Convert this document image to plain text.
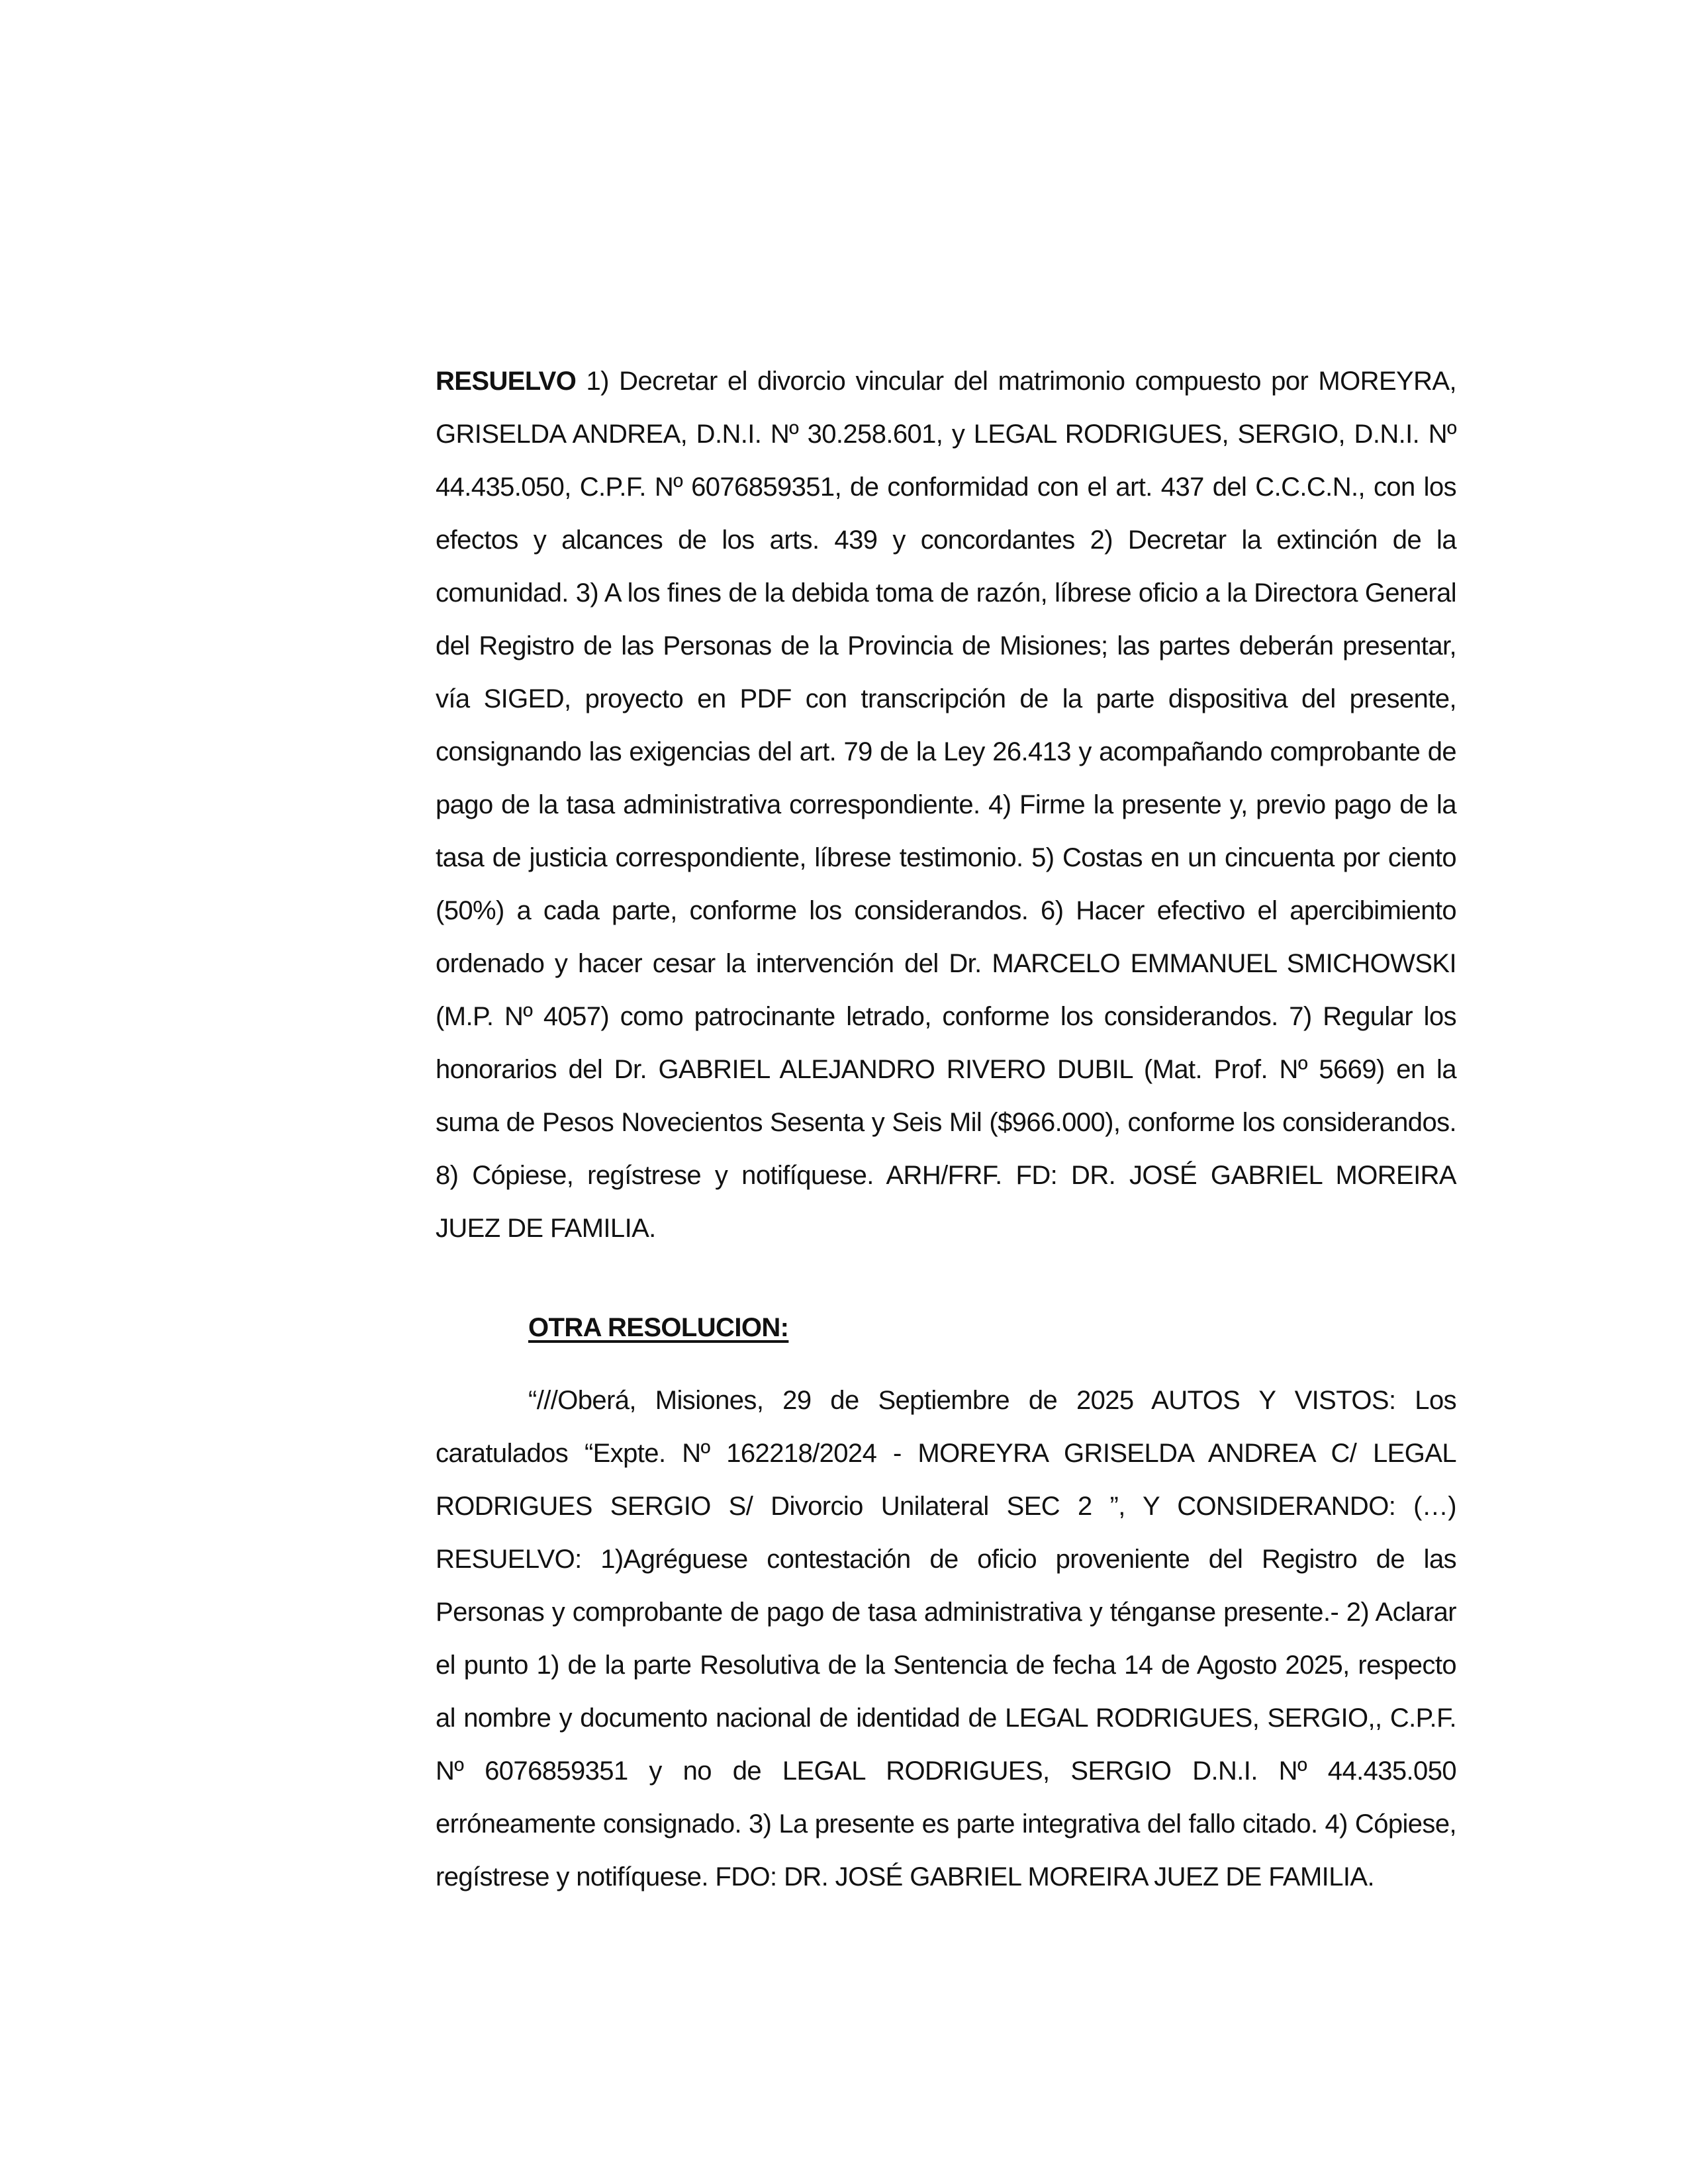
RESUELVO 1) Decretar el divorcio vincular del matrimonio compuesto por MOREYRA, GRISELDA ANDREA, D.N.I. Nº 30.258.601, y LEGAL RODRIGUES, SERGIO, D.N.I. Nº 44.435.050, C.P.F. Nº 6076859351, de conformidad con el art. 437 del C.C.C.N., con los efectos y alcances de los arts. 439 y concordantes 2) Decretar la extinción de la comunidad. 3) A los fines de la debida toma de razón, líbrese oficio a la Directora General del Registro de las Personas de la Provincia de Misiones; las partes deberán presentar, vía SIGED, proyecto en PDF con transcripción de la parte dispositiva del presente, consignando las exigencias del art. 79 de la Ley 26.413 y acompañando comprobante de pago de la tasa administrativa correspondiente. 4) Firme la presente y, previo pago de la tasa de justicia correspondiente, líbrese testimonio. 5) Costas en un cincuenta por ciento (50%) a cada parte, conforme los considerandos. 6) Hacer efectivo el apercibimiento ordenado y hacer cesar la intervención del Dr. MARCELO EMMANUEL SMICHOWSKI (M.P. Nº 4057) como patrocinante letrado, conforme los considerandos. 7) Regular los honorarios del Dr. GABRIEL ALEJANDRO RIVERO DUBIL (Mat. Prof. Nº 5669) en la suma de Pesos Novecientos Sesenta y Seis Mil ($966.000), conforme los considerandos. 8) Cópiese, regístrese y notifíquese. ARH/FRF. FD: DR. JOSÉ GABRIEL MOREIRA JUEZ DE FAMILIA.

OTRA RESOLUCION:

“///Oberá, Misiones, 29 de Septiembre de 2025 AUTOS Y VISTOS: Los caratulados “Expte. Nº 162218/2024 - MOREYRA GRISELDA ANDREA C/ LEGAL RODRIGUES SERGIO S/ Divorcio Unilateral SEC 2 ”, Y CONSIDERANDO: (…) RESUELVO: 1)Agréguese contestación de oficio proveniente del Registro de las Personas y comprobante de pago de tasa administrativa y ténganse presente.- 2) Aclarar el punto 1) de la parte Resolutiva de la Sentencia de fecha 14 de Agosto 2025, respecto al nombre y documento nacional de identidad de LEGAL RODRIGUES, SERGIO,, C.P.F. Nº 6076859351 y no de LEGAL RODRIGUES, SERGIO D.N.I. Nº 44.435.050 erróneamente consignado. 3) La presente es parte integrativa del fallo citado. 4) Cópiese, regístrese y notifíquese. FDO: DR. JOSÉ GABRIEL MOREIRA JUEZ DE FAMILIA.
